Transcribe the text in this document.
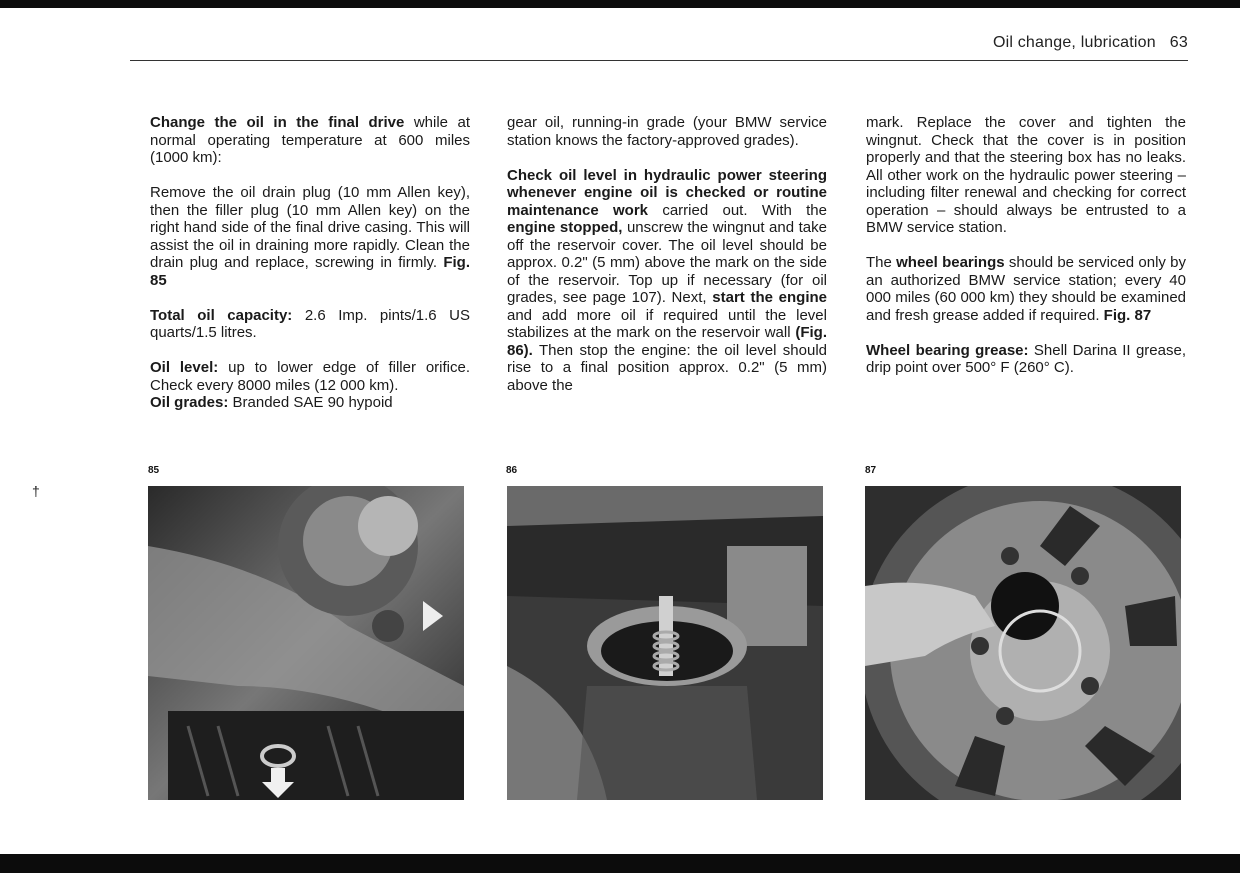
Oil change, lubrication 63

Change the oil in the final drive while at normal operating temperature at 600 miles (1000 km):

Remove the oil drain plug (10 mm Allen key), then the filler plug (10 mm Allen key) on the right hand side of the final drive casing. This will assist the oil in draining more rapidly. Clean the drain plug and replace, screwing in firmly. Fig. 85

Total oil capacity: 2.6 Imp. pints/1.6 US quarts/1.5 litres.

Oil level: up to lower edge of filler orifice. Check every 8000 miles (12 000 km).
Oil grades: Branded SAE 90 hypoid

gear oil, running-in grade (your BMW service station knows the factory-approved grades).

Check oil level in hydraulic power steering whenever engine oil is checked or routine maintenance work carried out. With the engine stopped, unscrew the wingnut and take off the reservoir cover. The oil level should be approx. 0.2" (5 mm) above the mark on the side of the reservoir. Top up if necessary (for oil grades, see page 107). Next, start the engine and add more oil if required until the level stabilizes at the mark on the reservoir wall (Fig. 86). Then stop the engine: the oil level should rise to a final position approx. 0.2" (5 mm) above the

mark. Replace the cover and tighten the wingnut. Check that the cover is in position properly and that the steering box has no leaks. All other work on the hydraulic power steering – including filter renewal and checking for correct operation – should always be entrusted to a BMW service station.

The wheel bearings should be serviced only by an authorized BMW service station; every 40 000 miles (60 000 km) they should be examined and fresh grease added if required. Fig. 87

Wheel bearing grease: Shell Darina II grease, drip point over 500° F (260° C).

†
85	86	87
